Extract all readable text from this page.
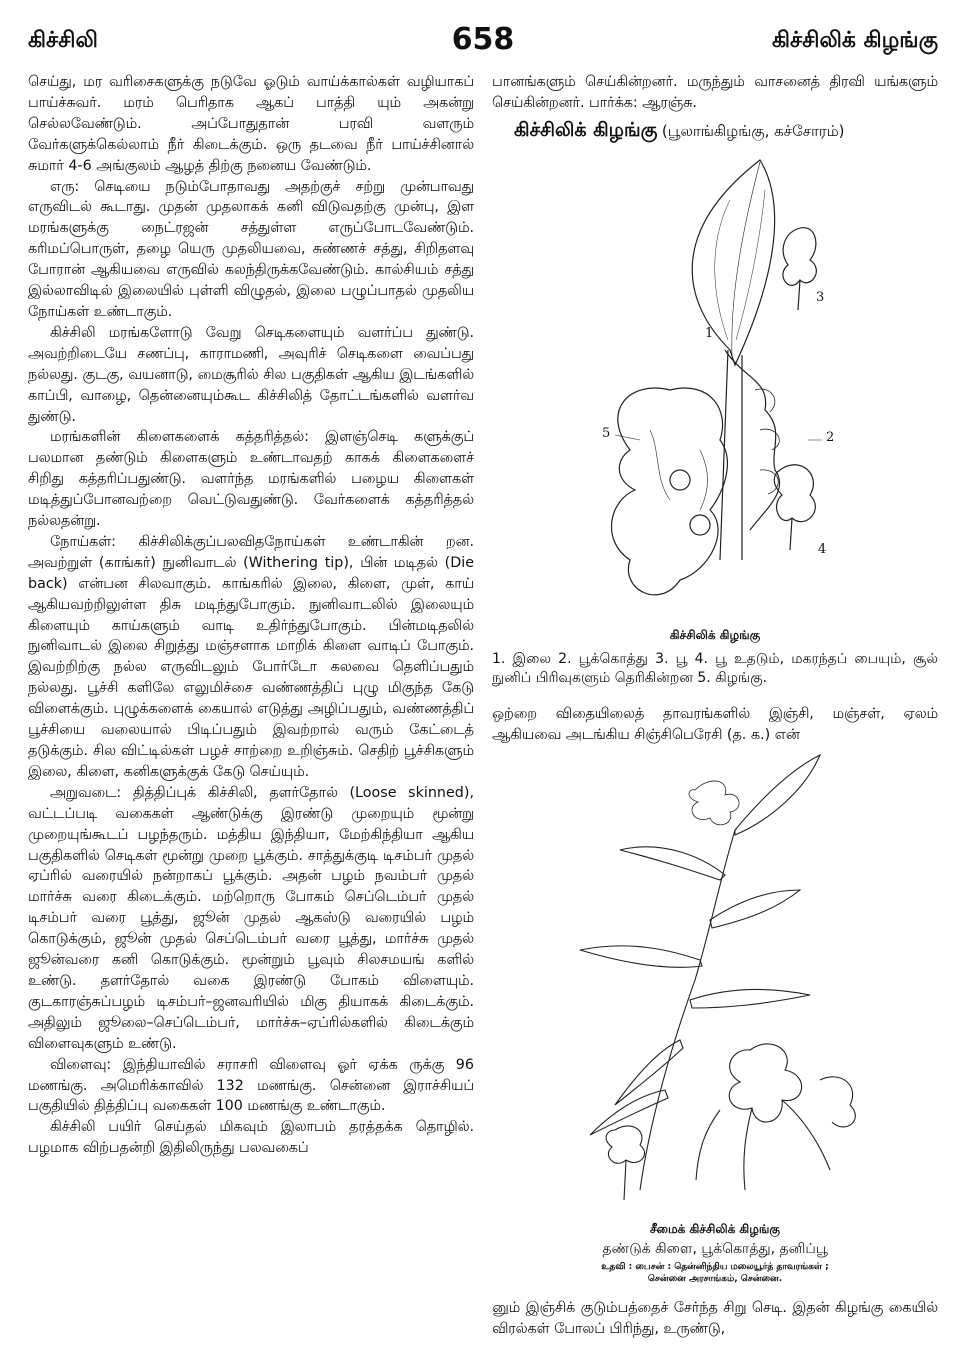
கிச்சிலி	658	கிச்சிலிக் கிழங்கு

செய்து, மர வரிசைகளுக்கு நடுவே ஓடும் வாய்க்கால்கள் வழியாகப் பாய்ச்சுவர். மரம் பெரிதாக ஆகப் பாத்தி யும் அகன்று செல்லவேண்டும். அப்போதுதான் பரவி வளரும் வேர்களுக்கெல்லாம் நீர் கிடைக்கும். ஒரு தடவை நீர் பாய்ச்சினால் சுமார் 4-6 அங்குலம் ஆழத் திற்கு நனைய வேண்டும்.

எரு: செடியை நடும்போதாவது அதற்குச் சற்று முன்பாவது எருவிடல் கூடாது. முதன் முதலாகக் கனி விடுவதற்கு முன்பு, இள மரங்களுக்கு நைட்ரஜன் சத்துள்ள எருப்போடவேண்டும். கரிமப்பொருள், தழை யெரு முதலியவை, சுண்ணச் சத்து, சிறிதளவு போரான் ஆகியவை எருவில் கலந்திருக்கவேண்டும். கால்சியம் சத்து இல்லாவிடில் இலையில் புள்ளி விழுதல், இலை பழுப்பாதல் முதலிய நோய்கள் உண்டாகும்.

கிச்சிலி மரங்களோடு வேறு செடிகளையும் வளர்ப்ப துண்டு. அவற்றிடையே சணப்பு, காராமணி, அவுரிச் செடிகளை வைப்பது நல்லது. குடகு, வயனாடு, மைசூரில் சில பகுதிகள் ஆகிய இடங்களில் காப்பி, வாழை, தென்னையும்கூட கிச்சிலித் தோட்டங்களில் வளர்வ துண்டு.

மரங்களின் கிளைகளைக் கத்தரித்தல்: இளஞ்செடி களுக்குப் பலமான தண்டும் கிளைகளும் உண்டாவதற் காகக் கிளைகளைச் சிறிது கத்தரிப்பதுண்டு. வளர்ந்த மரங்களில் பழைய கிளைகள் மடித்துப்போனவற்றை வெட்டுவதுண்டு. வேர்களைக் கத்தரித்தல் நல்லதன்று.

நோய்கள்: கிச்சிலிக்குப்பலவிதநோய்கள் உண்டாகின் றன. அவற்றுள் (காங்கர்) நுனிவாடல் (Withering tip), பின் மடிதல் (Die back) என்பன சிலவாகும். காங்கரில் இலை, கிளை, முள், காய் ஆகியவற்றிலுள்ள திசு மடிந்துபோகும். நுனிவாடலில் இலையும் கிளையும் காய்களும் வாடி உதிர்ந்துபோகும். பின்மடிதலில் நுனிவாடல் இலை சிறுத்து மஞ்சளாக மாறிக் கிளை வாடிப் போகும். இவற்றிற்கு நல்ல எருவிடலும் போர்டோ கலவை தெளிப்பதும் நல்லது. பூச்சி களிலே எலுமிச்சை வண்ணத்திப் புழு மிகுந்த கேடு விளைக்கும். புழுக்களைக் கையால் எடுத்து அழிப்பதும், வண்ணத்திப் பூச்சியை வலையால் பிடிப்பதும் இவற்றால் வரும் கேட்டைத் தடுக்கும். சில விட்டில்கள் பழச் சாற்றை உறிஞ்சும். செதிற் பூச்சிகளும் இலை, கிளை, கனிகளுக்குக் கேடு செய்யும்.

அறுவடை: தித்திப்புக் கிச்சிலி, தளர்தோல் (Loose skinned), வட்டப்படி வகைகள் ஆண்டுக்கு இரண்டு முறையும் மூன்று முறையுங்கூடப் பழந்தரும். மத்திய இந்தியா, மேற்கிந்தியா ஆகிய பகுதிகளில் செடிகள் மூன்று முறை பூக்கும். சாத்துக்குடி டிசம்பர் முதல் ஏப்ரில் வரையில் நன்றாகப் பூக்கும். அதன் பழம் நவம்பர் முதல் மார்ச்சு வரை கிடைக்கும். மற்றொரு போகம் செப்டெம்பர் முதல் டிசம்பர் வரை பூத்து, ஜூன் முதல் ஆகஸ்டு வரையில் பழம் கொடுக்கும், ஜூன் முதல் செப்டெம்பர் வரை பூத்து, மார்ச்சு முதல் ஜூன்வரை கனி கொடுக்கும். மூன்றும் பூவும் சிலசமயங் களில் உண்டு. தளர்தோல் வகை இரண்டு போகம் விளையும். குடகாரஞ்சுப்பழம் டிசம்பர்–ஜனவரியில் மிகு தியாகக் கிடைக்கும். அதிலும் ஜூலை–செப்டெம்பர், மார்ச்சு–ஏப்ரில்களில் கிடைக்கும் விளைவுகளும் உண்டு.

விளைவு: இந்தியாவில் சராசரி விளைவு ஓர் ஏக்க ருக்கு 96 மணங்கு. அமெரிக்காவில் 132 மணங்கு. சென்னை இராச்சியப் பகுதியில் தித்திப்பு வகைகள் 100 மணங்கு உண்டாகும்.

கிச்சிலி பயிர் செய்தல் மிகவும் இலாபம் தரத்தக்க தொழில். பழமாக விற்பதன்றி இதிலிருந்து பலவகைப்

பானங்களும் செய்கின்றனர். மருந்தும் வாசனைத் திரவி யங்களும் செய்கின்றனர். பார்க்க: ஆரஞ்சு.

கிச்சிலிக் கிழங்கு (பூலாங்கிழங்கு, கச்சோரம்)
1
2
3
4
5
கிச்சிலிக் கிழங்கு
1. இலை 2. பூக்கொத்து 3. பூ 4. பூ உதடும், மகரந்தப் பையும், சூல் நுனிப் பிரிவுகளும் தெரிகின்றன 5. கிழங்கு.

ஒற்றை விதையிலைத் தாவரங்களில் இஞ்சி, மஞ்சள், ஏலம் ஆகியவை அடங்கிய சிஞ்சிபெரேசி (த. க.) என்

சீமைக் கிச்சிலிக் கிழங்கு
தண்டுக் கிளை, பூக்கொத்து, தனிப்பூ
உதவி : பைசன் : தென்னிந்திய மலையூர்த் தாவரங்கள் ;
சென்னை அரசாங்கம், சென்னை.

னும் இஞ்சிக் குடும்பத்தைச் சேர்ந்த சிறு செடி. இதன் கிழங்கு கையில் விரல்கள் போலப் பிரிந்து, உருண்டு,
